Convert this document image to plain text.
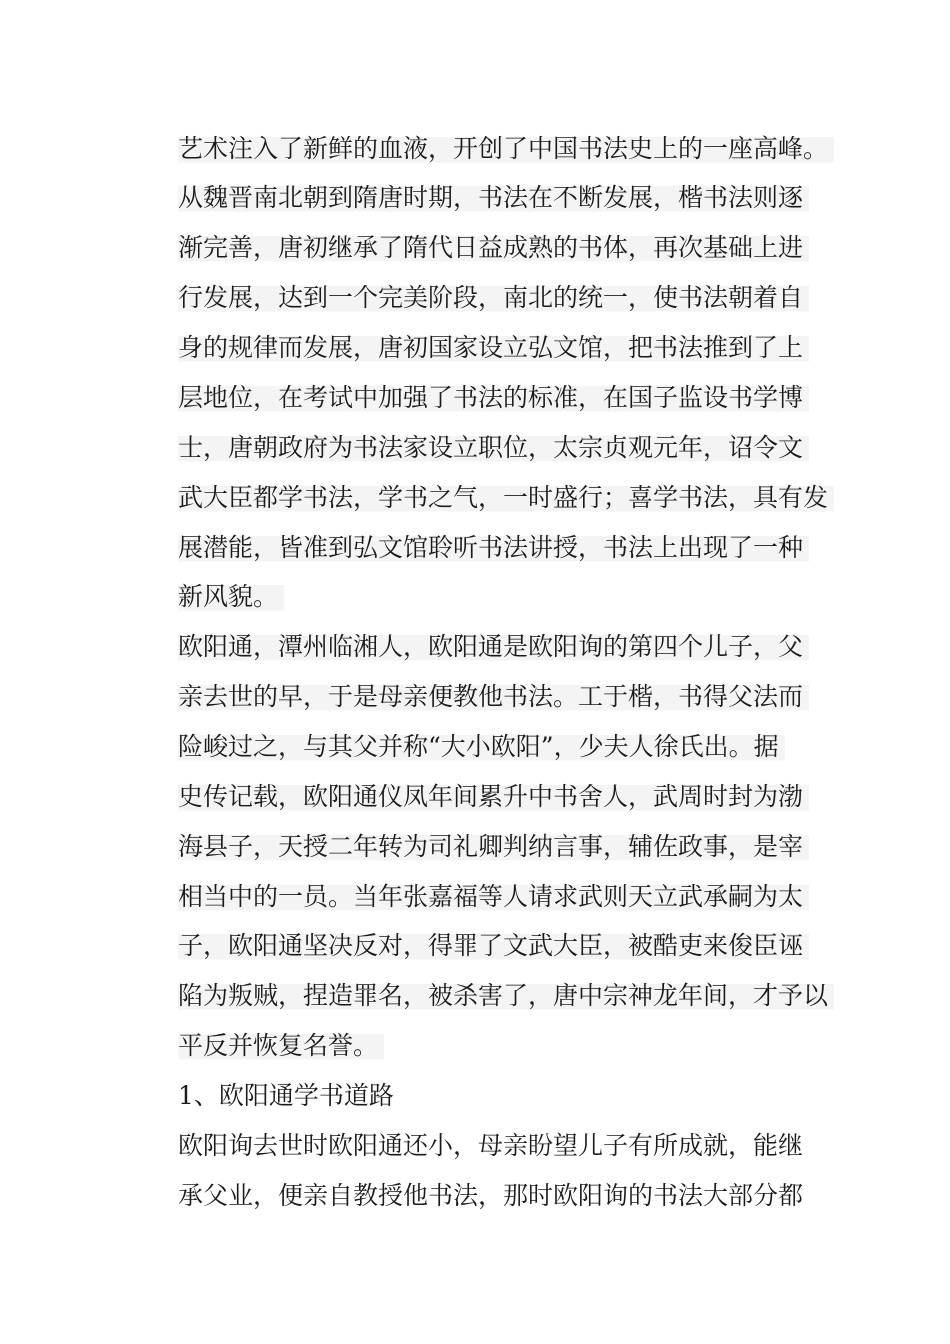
艺术注入了新鲜的血液，开创了中国书法史上的一座高峰。
从魏晋南北朝到隋唐时期，书法在不断发展，楷书法则逐
渐完善，唐初继承了隋代日益成熟的书体，再次基础上进
行发展，达到一个完美阶段，南北的统一，使书法朝着自
身的规律而发展，唐初国家设立弘文馆，把书法推到了上
层地位，在考试中加强了书法的标准，在国子监设书学博
士，唐朝政府为书法家设立职位，太宗贞观元年，诏令文
武大臣都学书法，学书之气，一时盛行；喜学书法，具有发
展潜能，皆准到弘文馆聆听书法讲授，书法上出现了一种
新风貌。
欧阳通，潭州临湘人，欧阳通是欧阳询的第四个儿子，父
亲去世的早，于是母亲便教他书法。工于楷，书得父法而
险峻过之，与其父并称“大小欧阳”，少夫人徐氏出。据
史传记载，欧阳通仪凤年间累升中书舍人，武周时封为渤
海县子，天授二年转为司礼卿判纳言事，辅佐政事，是宰
相当中的一员。当年张嘉福等人请求武则天立武承嗣为太
子，欧阳通坚决反对，得罪了文武大臣，被酷吏来俊臣诬
陷为叛贼，捏造罪名，被杀害了，唐中宗神龙年间，才予以
平反并恢复名誉。
1、欧阳通学书道路
欧阳询去世时欧阳通还小，母亲盼望儿子有所成就，能继
承父业，便亲自教授他书法，那时欧阳询的书法大部分都
